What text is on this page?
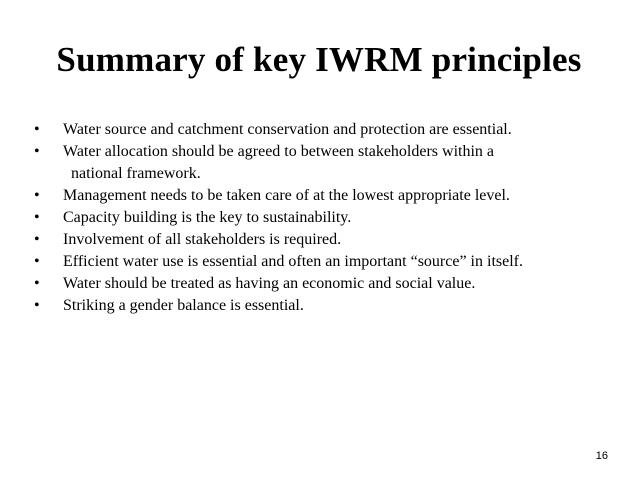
Summary of key IWRM principles
•	Water source and catchment conservation and protection are essential.
•	Water allocation should be agreed to between stakeholders within a
national framework.
•	Management needs to be taken care of at the lowest appropriate level.
•	Capacity building is the key to sustainability.
•	Involvement of all stakeholders is required.
•	Efficient water use is essential and often an important “source” in itself.
•	Water should be treated as having an economic and social value.
•	Striking a gender balance is essential.
16
